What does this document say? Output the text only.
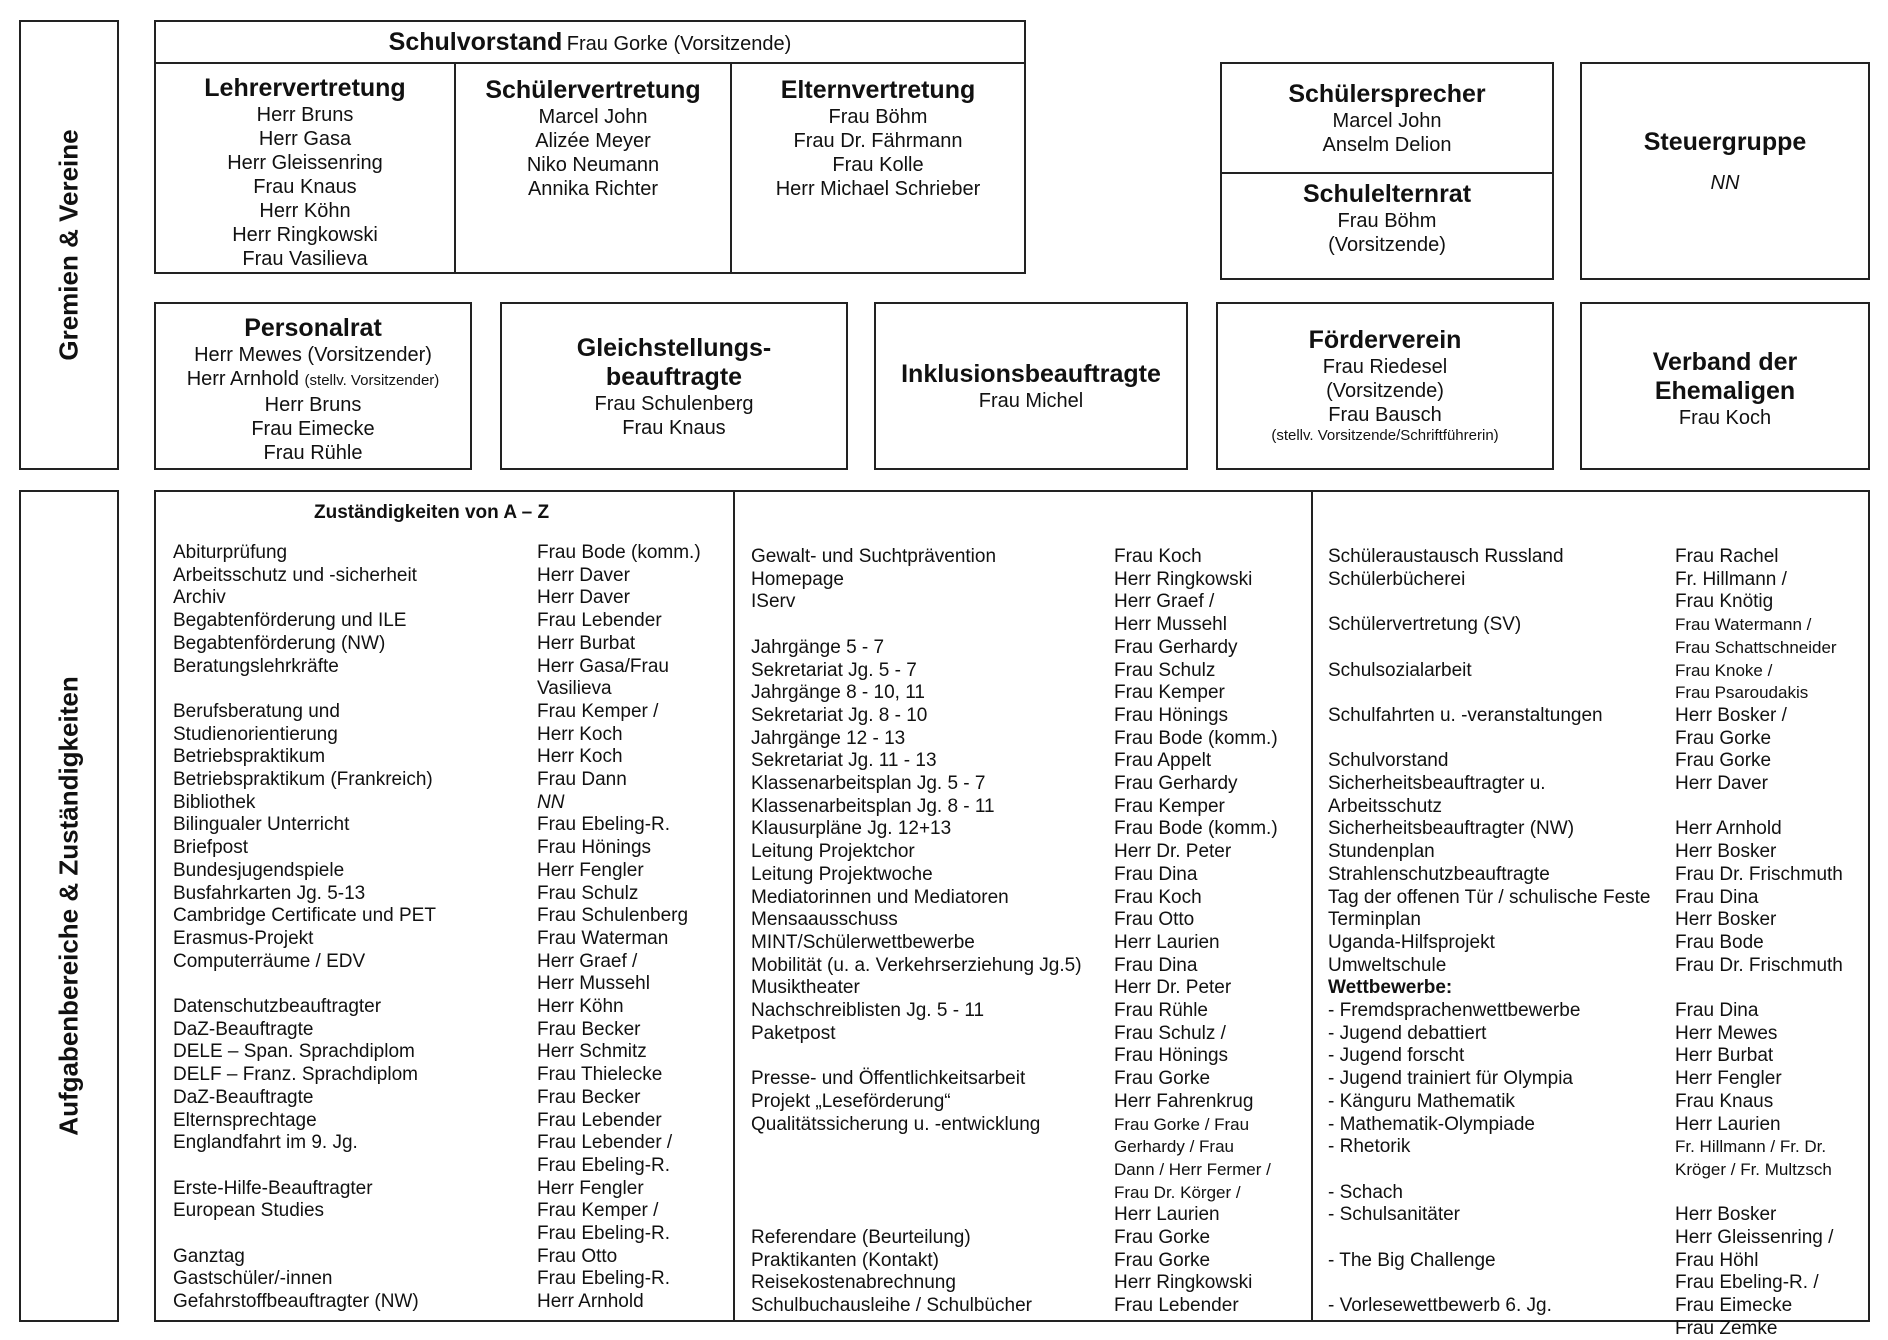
Gremien & Vereine
Aufgabenbereiche & Zuständigkeiten
Schulvorstand Frau Gorke (Vorsitzende)
Lehrervertretung
Herr Bruns
Herr Gasa
Herr Gleissenring
Frau Knaus
Herr Köhn
Herr Ringkowski
Frau Vasilieva
Schülervertretung
Marcel John
Alizée Meyer
Niko Neumann
Annika Richter
Elternvertretung
Frau Böhm
Frau Dr. Fährmann
Frau Kolle
Herr Michael Schrieber
Schülersprecher
Marcel John
Anselm Delion
Schulelternrat
Frau Böhm
(Vorsitzende)
Steuergruppe
NN
Personalrat
Herr Mewes (Vorsitzender)
Herr Arnhold (stellv. Vorsitzender)
Herr Bruns
Frau Eimecke
Frau Rühle
Gleichstellungs-
beauftragte
Frau Schulenberg
Frau Knaus
Inklusionsbeauftragte
Frau Michel
Förderverein
Frau Riedesel
(Vorsitzende)
Frau Bausch
(stellv. Vorsitzende/Schriftführerin)
Verband der
Ehemaligen
Frau Koch
Zuständigkeiten von A – Z
Abiturprüfung
Arbeitsschutz und -sicherheit
Archiv
Begabtenförderung und ILE
Begabtenförderung (NW)
Beratungslehrkräfte
Berufsberatung und
Studienorientierung
Betriebspraktikum
Betriebspraktikum (Frankreich)
Bibliothek
Bilingualer Unterricht
Briefpost
Bundesjugendspiele
Busfahrkarten Jg. 5-13
Cambridge Certificate und PET
Erasmus-Projekt
Computerräume / EDV
Datenschutzbeauftragter
DaZ-Beauftragte
DELE – Span. Sprachdiplom
DELF – Franz. Sprachdiplom
DaZ-Beauftragte
Elternsprechtage
Englandfahrt im 9. Jg.
Erste-Hilfe-Beauftragter
European Studies
Ganztag
Gastschüler/-innen
Gefahrstoffbeauftragter (NW)
Frau Bode (komm.)
Herr Daver
Herr Daver
Frau Lebender
Herr Burbat
Herr Gasa/Frau
Vasilieva
Frau Kemper /
Herr Koch
Herr Koch
Frau Dann
NN
Frau Ebeling-R.
Frau Hönings
Herr Fengler
Frau Schulz
Frau Schulenberg
Frau Waterman
Herr Graef /
Herr Mussehl
Herr Köhn
Frau Becker
Herr Schmitz
Frau Thielecke
Frau Becker
Frau Lebender
Frau Lebender /
Frau Ebeling-R.
Herr Fengler
Frau Kemper /
Frau Ebeling-R.
Frau Otto
Frau Ebeling-R.
Herr Arnhold
Gewalt- und Suchtprävention
Homepage
IServ
Jahrgänge 5 - 7
Sekretariat Jg. 5 - 7
Jahrgänge 8 - 10, 11
Sekretariat Jg. 8 - 10
Jahrgänge 12 - 13
Sekretariat Jg. 11 - 13
Klassenarbeitsplan Jg. 5 - 7
Klassenarbeitsplan Jg. 8 - 11
Klausurpläne Jg. 12+13
Leitung Projektchor
Leitung Projektwoche
Mediatorinnen und Mediatoren
Mensaausschuss
MINT/Schülerwettbewerbe
Mobilität (u. a. Verkehrserziehung Jg.5)
Musiktheater
Nachschreiblisten Jg. 5 - 11
Paketpost
Presse- und Öffentlichkeitsarbeit
Projekt „Leseförderung“
Qualitätssicherung u. -entwicklung
Referendare (Beurteilung)
Praktikanten (Kontakt)
Reisekostenabrechnung
Schulbuchausleihe / Schulbücher
Frau Koch
Herr Ringkowski
Herr Graef /
Herr Mussehl
Frau Gerhardy
Frau Schulz
Frau Kemper
Frau Hönings
Frau Bode (komm.)
Frau Appelt
Frau Gerhardy
Frau Kemper
Frau Bode (komm.)
Herr Dr. Peter
Frau Dina
Frau Koch
Frau Otto
Herr Laurien
Frau Dina
Herr Dr. Peter
Frau Rühle
Frau Schulz /
Frau Hönings
Frau Gorke
Herr Fahrenkrug
Frau Gorke / Frau
Gerhardy / Frau
Dann / Herr Fermer /
Frau Dr. Körger /
Herr Laurien
Frau Gorke
Frau Gorke
Herr Ringkowski
Frau Lebender
Schüleraustausch Russland
Schülerbücherei
Schülervertretung (SV)
Schulsozialarbeit
Schulfahrten u. -veranstaltungen
Schulvorstand
Sicherheitsbeauftragter u.
Arbeitsschutz
Sicherheitsbeauftragter (NW)
Stundenplan
Strahlenschutzbeauftragte
Tag der offenen Tür / schulische Feste
Terminplan
Uganda-Hilfsprojekt
Umweltschule
Wettbewerbe:
- Fremdsprachenwettbewerbe
- Jugend debattiert
- Jugend forscht
- Jugend trainiert für Olympia
- Känguru Mathematik
- Mathematik-Olympiade
- Rhetorik
- Schach
- Schulsanitäter
- The Big Challenge
- Vorlesewettbewerb 6. Jg.
Frau Rachel
Fr. Hillmann /
Frau Knötig
Frau Watermann /
Frau Schattschneider
Frau Knoke /
Frau Psaroudakis
Herr Bosker /
Frau Gorke
Frau Gorke
Herr Daver
Herr Arnhold
Herr Bosker
Frau Dr. Frischmuth
Frau Dina
Herr Bosker
Frau Bode
Frau Dr. Frischmuth
Frau Dina
Herr Mewes
Herr Burbat
Herr Fengler
Frau Knaus
Herr Laurien
Fr. Hillmann / Fr. Dr.
Kröger / Fr. Multzsch
Herr Bosker
Herr Gleissenring /
Frau Höhl
Frau Ebeling-R. /
Frau Eimecke
Frau Zemke
